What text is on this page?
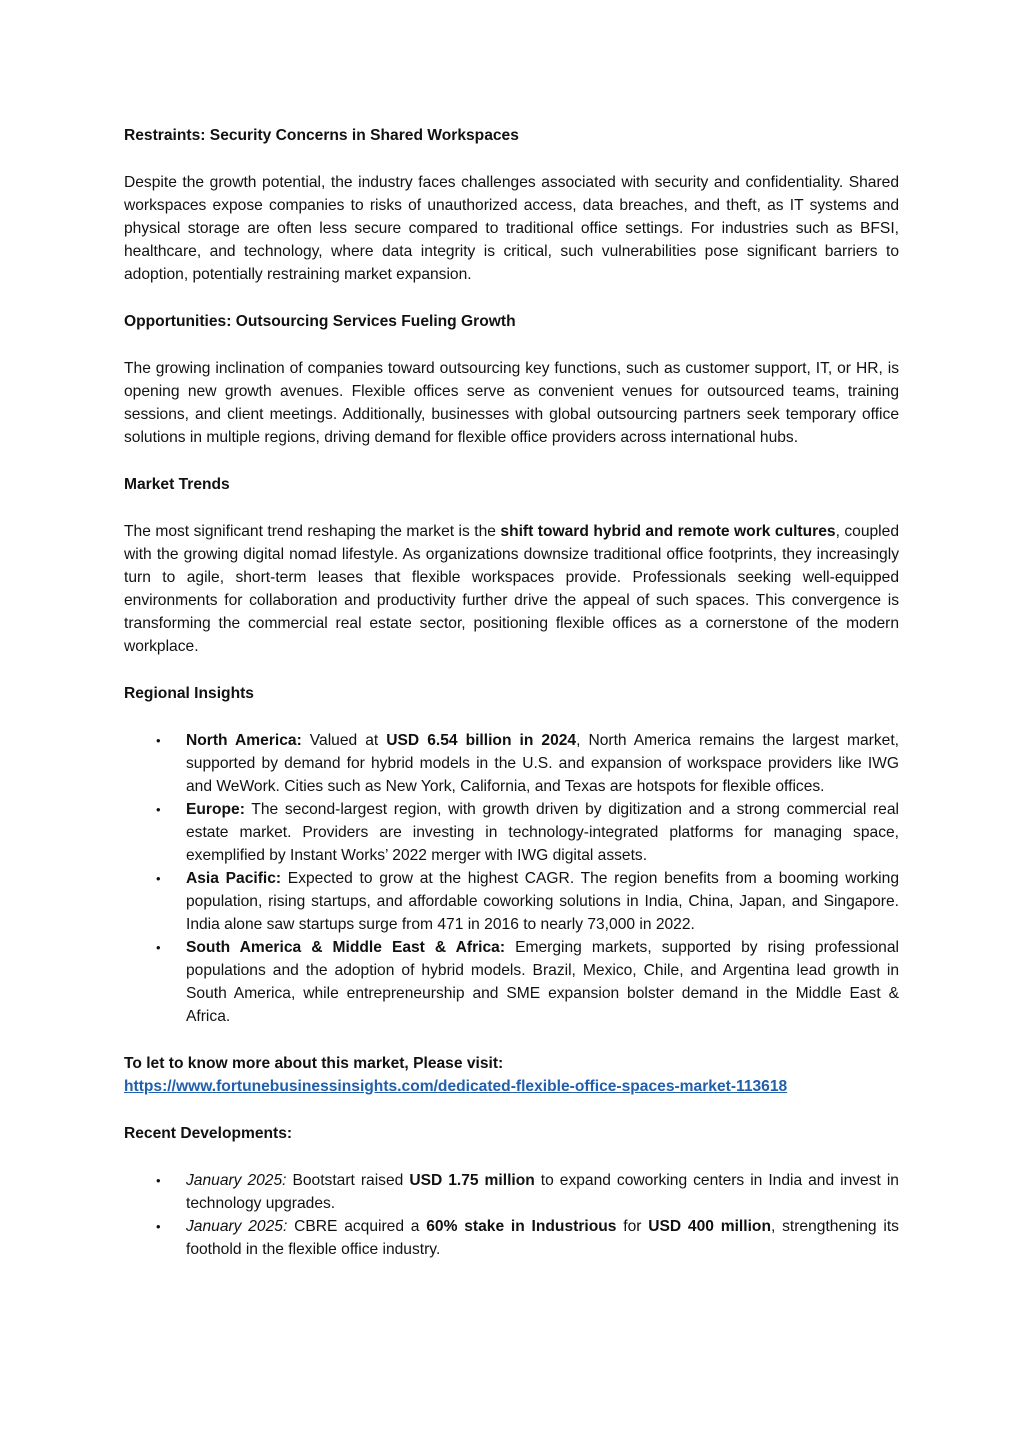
Restraints: Security Concerns in Shared Workspaces

Despite the growth potential, the industry faces challenges associated with security and confidentiality. Shared workspaces expose companies to risks of unauthorized access, data breaches, and theft, as IT systems and physical storage are often less secure compared to traditional office settings. For industries such as BFSI, healthcare, and technology, where data integrity is critical, such vulnerabilities pose significant barriers to adoption, potentially restraining market expansion.

Opportunities: Outsourcing Services Fueling Growth

The growing inclination of companies toward outsourcing key functions, such as customer support, IT, or HR, is opening new growth avenues. Flexible offices serve as convenient venues for outsourced teams, training sessions, and client meetings. Additionally, businesses with global outsourcing partners seek temporary office solutions in multiple regions, driving demand for flexible office providers across international hubs.

Market Trends

The most significant trend reshaping the market is the shift toward hybrid and remote work cultures, coupled with the growing digital nomad lifestyle. As organizations downsize traditional office footprints, they increasingly turn to agile, short-term leases that flexible workspaces provide. Professionals seeking well-equipped environments for collaboration and productivity further drive the appeal of such spaces. This convergence is transforming the commercial real estate sector, positioning flexible offices as a cornerstone of the modern workplace.

Regional Insights

• North America: Valued at USD 6.54 billion in 2024, North America remains the largest market, supported by demand for hybrid models in the U.S. and expansion of workspace providers like IWG and WeWork. Cities such as New York, California, and Texas are hotspots for flexible offices.
• Europe: The second-largest region, with growth driven by digitization and a strong commercial real estate market. Providers are investing in technology-integrated platforms for managing space, exemplified by Instant Works’ 2022 merger with IWG digital assets.
• Asia Pacific: Expected to grow at the highest CAGR. The region benefits from a booming working population, rising startups, and affordable coworking solutions in India, China, Japan, and Singapore. India alone saw startups surge from 471 in 2016 to nearly 73,000 in 2022.
• South America & Middle East & Africa: Emerging markets, supported by rising professional populations and the adoption of hybrid models. Brazil, Mexico, Chile, and Argentina lead growth in South America, while entrepreneurship and SME expansion bolster demand in the Middle East & Africa.

To let to know more about this market, Please visit:

https://www.fortunebusinessinsights.com/dedicated-flexible-office-spaces-market-113618

Recent Developments:

• January 2025: Bootstart raised USD 1.75 million to expand coworking centers in India and invest in technology upgrades.
• January 2025: CBRE acquired a 60% stake in Industrious for USD 400 million, strengthening its foothold in the flexible office industry.
